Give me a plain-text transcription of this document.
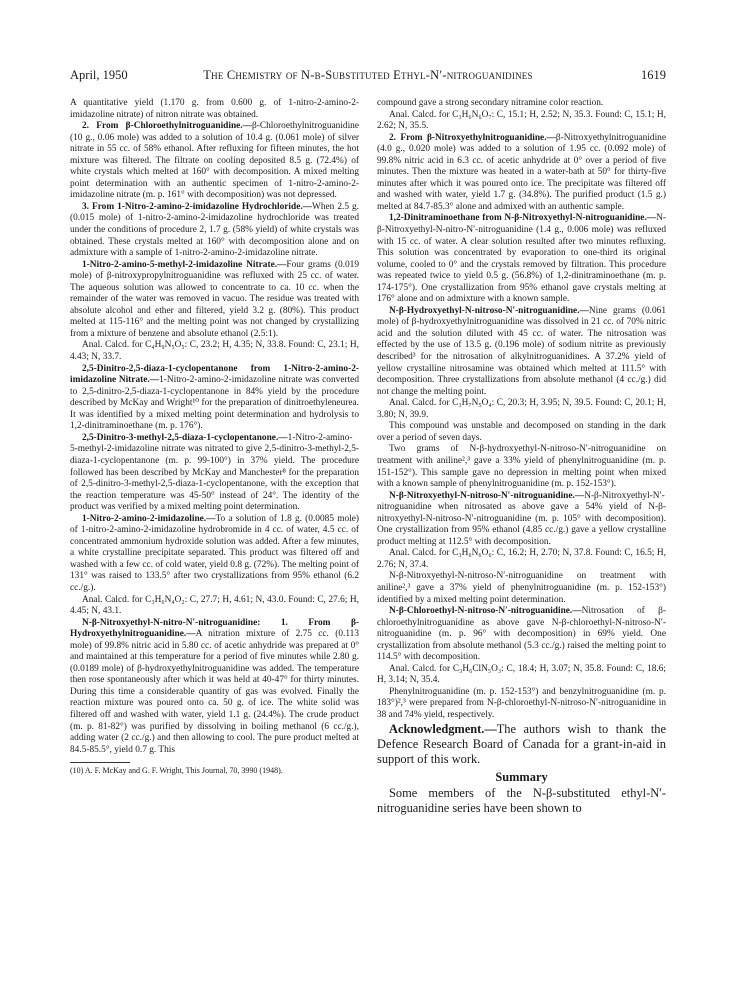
April, 1950	The Chemistry of N-β-Substituted Ethyl-N′-nitroguanidines	1619

A quantitative yield (1.170 g. from 0.600 g. of 1-nitro-2-amino-2-imidazoline nitrate) of nitron nitrate was obtained.

2. From β-Chloroethylnitroguanidine.—β-Chloroethylnitroguanidine (10 g., 0.06 mole) was added to a solution of 10.4 g. (0.061 mole) of silver nitrate in 55 cc. of 58% ethanol. After refluxing for fifteen minutes, the hot mixture was filtered. The filtrate on cooling deposited 8.5 g. (72.4%) of white crystals which melted at 160° with decomposition. A mixed melting point determination with an authentic specimen of 1-nitro-2-amino-2-imidazoline nitrate (m. p. 161° with decomposition) was not depressed.

3. From 1-Nitro-2-amino-2-imidazoline Hydrochloride.—When 2.5 g. (0.015 mole) of 1-nitro-2-amino-2-imidazoline hydrochloride was treated under the conditions of procedure 2, 1.7 g. (58% yield) of white crystals was obtained. These crystals melted at 160° with decomposition alone and on admixture with a sample of 1-nitro-2-amino-2-imidazoline nitrate.

1-Nitro-2-amino-5-methyl-2-imidazoline Nitrate.—Four grams (0.019 mole) of β-nitroxypropylnitroguanidine was refluxed with 25 cc. of water. The aqueous solution was allowed to concentrate to ca. 10 cc. when the remainder of the water was removed in vacuo. The residue was treated with absolute alcohol and ether and filtered, yield 3.2 g. (80%). This product melted at 115-116° and the melting point was not changed by crystallizing from a mixture of benzene and absolute ethanol (2.5:1).

Anal. Calcd. for C₄H₉N₅O₅: C, 23.2; H, 4.35; N, 33.8. Found: C, 23.1; H, 4.43; N, 33.7.

2,5-Dinitro-2,5-diaza-1-cyclopentanone from 1-Nitro-2-amino-2-imidazoline Nitrate.—1-Nitro-2-amino-2-imidazoline nitrate was converted to 2,5-dinitro-2,5-diaza-1-cyclopentanone in 84% yield by the procedure described by McKay and Wright¹⁰ for the preparation of dinitroethyleneurea. It was identified by a mixed melting point determination and hydrolysis to 1,2-dinitraminoethane (m. p. 176°).

2,5-Dinitro-3-methyl-2,5-diaza-1-cyclopentanone.—1-Nitro-2-amino-5-methyl-2-imidazoline nitrate was nitrated to give 2,5-dinitro-3-methyl-2,5-diaza-1-cyclopentanone (m. p. 99-100°) in 37% yield. The procedure followed has been described by McKay and Manchester⁸ for the preparation of 2,5-dinitro-3-methyl-2,5-diaza-1-cyclopentanone, with the exception that the reaction temperature was 45-50° instead of 24°. The identity of the product was verified by a mixed melting point determination.

1-Nitro-2-amino-2-imidazoline.—To a solution of 1.8 g. (0.0085 mole) of 1-nitro-2-amino-2-imidazoline hydrobromide in 4 cc. of water, 4.5 cc. of concentrated ammonium hydroxide solution was added. After a few minutes, a white crystalline precipitate separated. This product was filtered off and washed with a few cc. of cold water, yield 0.8 g. (72%). The melting point of 131° was raised to 133.5° after two crystallizations from 95% ethanol (6.2 cc./g.).

Anal. Calcd. for C₃H₆N₄O₂: C, 27.7; H, 4.61; N, 43.0. Found: C, 27.6; H, 4.45; N, 43.1.

N-β-Nitroxyethyl-N-nitro-N′-nitroguanidine: 1. From β-Hydroxyethylnitroguanidine.—A nitration mixture of 2.75 cc. (0.113 mole) of 99.8% nitric acid in 5.80 cc. of acetic anhydride was prepared at 0° and maintained at this temperature for a period of five minutes while 2.80 g. (0.0189 mole) of β-hydroxyethylnitroguanidine was added. The temperature then rose spontaneously after which it was held at 40-47° for thirty minutes. During this time a considerable quantity of gas was evolved. Finally the reaction mixture was poured onto ca. 50 g. of ice. The white solid was filtered off and washed with water, yield 1.1 g. (24.4%). The crude product (m. p. 81-82°) was purified by dissolving in boiling methanol (6 cc./g.), adding water (2 cc./g.) and then allowing to cool. The pure product melted at 84.5-85.5°, yield 0.7 g. This

(10) A. F. McKay and G. F. Wright, This Journal, 70, 3990 (1948).

compound gave a strong secondary nitramine color reaction.

Anal. Calcd. for C₃H₆N₆O₇: C, 15.1; H, 2.52; N, 35.3. Found: C, 15.1; H, 2.62; N, 35.5.

2. From β-Nitroxyethylnitroguanidine.—β-Nitroxyethylnitroguanidine (4.0 g., 0.020 mole) was added to a solution of 1.95 cc. (0.092 mole) of 99.8% nitric acid in 6.3 cc. of acetic anhydride at 0° over a period of five minutes. Then the mixture was heated in a water-bath at 50° for thirty-five minutes after which it was poured onto ice. The precipitate was filtered off and washed with water, yield 1.7 g. (34.8%). The purified product (1.5 g.) melted at 84.7-85.3° alone and admixed with an authentic sample.

1,2-Dinitraminoethane from N-β-Nitroxyethyl-N-nitroguanidine.—N-β-Nitroxyethyl-N-nitro-N′-nitroguanidine (1.4 g., 0.006 mole) was refluxed with 15 cc. of water. A clear solution resulted after two minutes refluxing. This solution was concentrated by evaporation to one-third its original volume, cooled to 0° and the crystals removed by filtration. This procedure was repeated twice to yield 0.5 g. (56.8%) of 1,2-dinitraminoethane (m. p. 174-175°). One crystallization from 95% ethanol gave crystals melting at 176° alone and on admixture with a known sample.

N-β-Hydroxyethyl-N-nitroso-N′-nitroguanidine.—Nine grams (0.061 mole) of β-hydroxyethylnitroguanidine was dissolved in 21 cc. of 70% nitric acid and the solution diluted with 45 cc. of water. The nitrosation was effected by the use of 13.5 g. (0.196 mole) of sodium nitrite as previously described³ for the nitrosation of alkylnitroguanidines. A 37.2% yield of yellow crystalline nitrosamine was obtained which melted at 111.5° with decomposition. Three crystallizations from absolute methanol (4 cc./g.) did not change the melting point.

Anal. Calcd. for C₃H₇N₅O₄: C, 20.3; H, 3.95; N, 39.5. Found: C, 20.1; H, 3.80; N, 39.9.

This compound was unstable and decomposed on standing in the dark over a period of seven days.

Two grams of N-β-hydroxyethyl-N-nitroso-N′-nitroguanidine on treatment with aniline²,³ gave a 33% yield of phenylnitroguanidine (m. p. 151-152°). This sample gave no depression in melting point when mixed with a known sample of phenylnitroguanidine (m. p. 152-153°).

N-β-Nitroxyethyl-N-nitroso-N′-nitroguanidine.—N-β-Nitroxyethyl-N′-nitroguanidine when nitrosated as above gave a 54% yield of N-β-nitroxyethyl-N-nitroso-N′-nitroguanidine (m. p. 105° with decomposition). One crystallization from 95% ethanol (4.85 cc./g.) gave a yellow crystalline product melting at 112.5° with decomposition.

Anal. Calcd. for C₃H₆N₆O₆: C, 16.2; H, 2.70; N, 37.8. Found: C, 16.5; H, 2.76; N, 37.4.

N-β-Nitroxyethyl-N-nitroso-N′-nitroguanidine on treatment with aniline²,³ gave a 37% yield of phenylnitroguanidine (m. p. 152-153°) identified by a mixed melting point determination.

N-β-Chloroethyl-N-nitroso-N′-nitroguanidine.—Nitrosation of β-chloroethylnitroguanidine as above gave N-β-chloroethyl-N-nitroso-N′-nitroguanidine (m. p. 96° with decomposition) in 69% yield. One crystallization from absolute methanol (5.3 cc./g.) raised the melting point to 114.5° with decomposition.

Anal. Calcd. for C₃H₆ClN₅O₃: C, 18.4; H, 3.07; N, 35.8. Found: C, 18.6; H, 3.14; N, 35.4.

Phenylnitroguanidine (m. p. 152-153°) and benzylnitroguanidine (m. p. 183°)²,³ were prepared from N-β-chloroethyl-N-nitroso-N′-nitroguanidine in 38 and 74% yield, respectively.

Acknowledgment.—The authors wish to thank the Defence Research Board of Canada for a grant-in-aid in support of this work.

Summary

Some members of the N-β-substituted ethyl-N′-nitroguanidine series have been shown to
